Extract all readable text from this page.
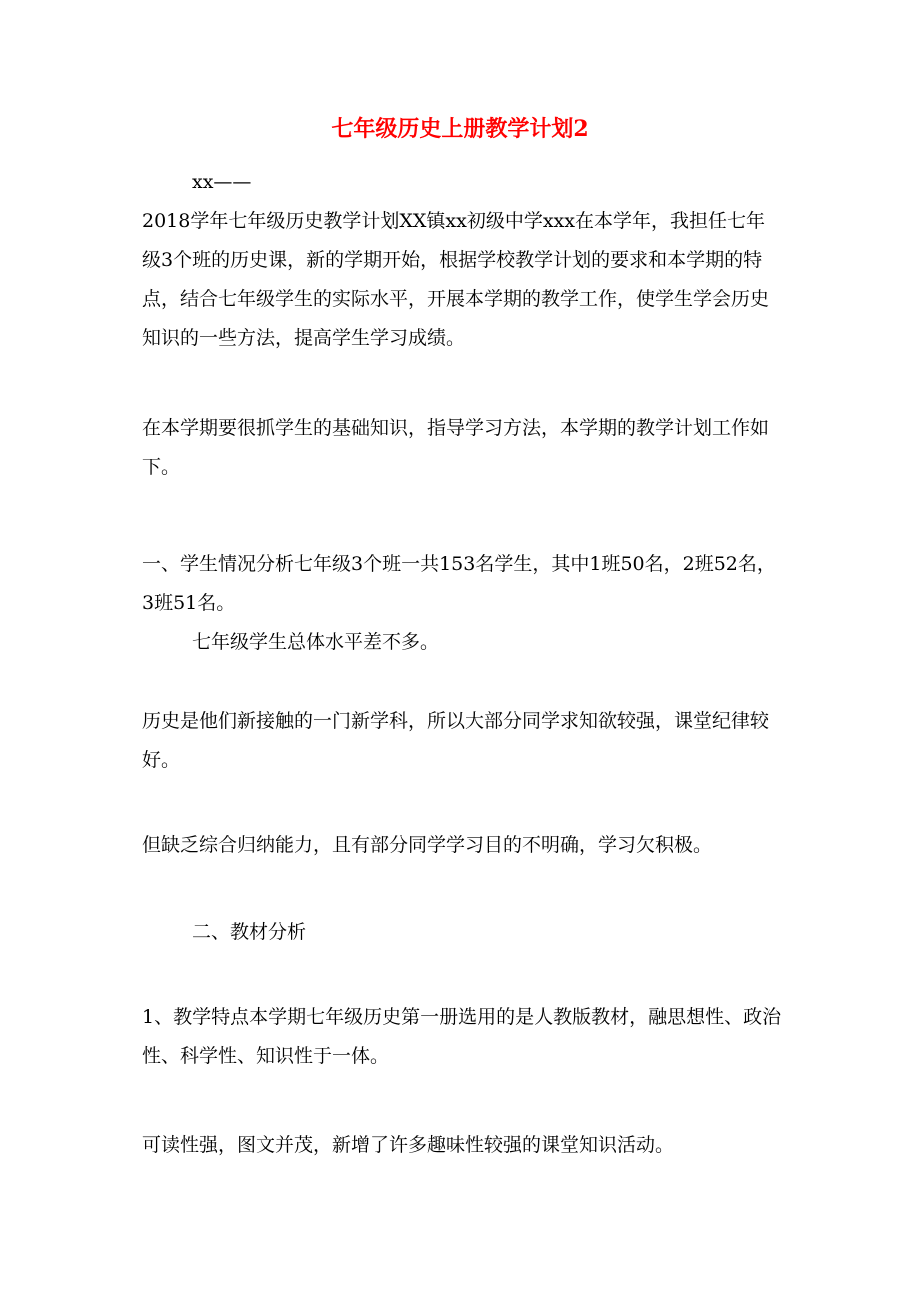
七年级历史上册教学计划2

xx——

2018学年七年级历史教学计划XX镇xx初级中学xxx在本学年，我担任七年级3个班的历史课，新的学期开始，根据学校教学计划的要求和本学期的特点，结合七年级学生的实际水平，开展本学期的教学工作，使学生学会历史知识的一些方法，提高学生学习成绩。

在本学期要很抓学生的基础知识，指导学习方法，本学期的教学计划工作如下。

一、学生情况分析七年级3个班一共153名学生，其中1班50名，2班52名，3班51名。

七年级学生总体水平差不多。

历史是他们新接触的一门新学科，所以大部分同学求知欲较强，课堂纪律较好。

但缺乏综合归纳能力，且有部分同学学习目的不明确，学习欠积极。

二、教材分析

1、教学特点本学期七年级历史第一册选用的是人教版教材，融思想性、政治性、科学性、知识性于一体。

可读性强，图文并茂，新增了许多趣味性较强的课堂知识活动。
